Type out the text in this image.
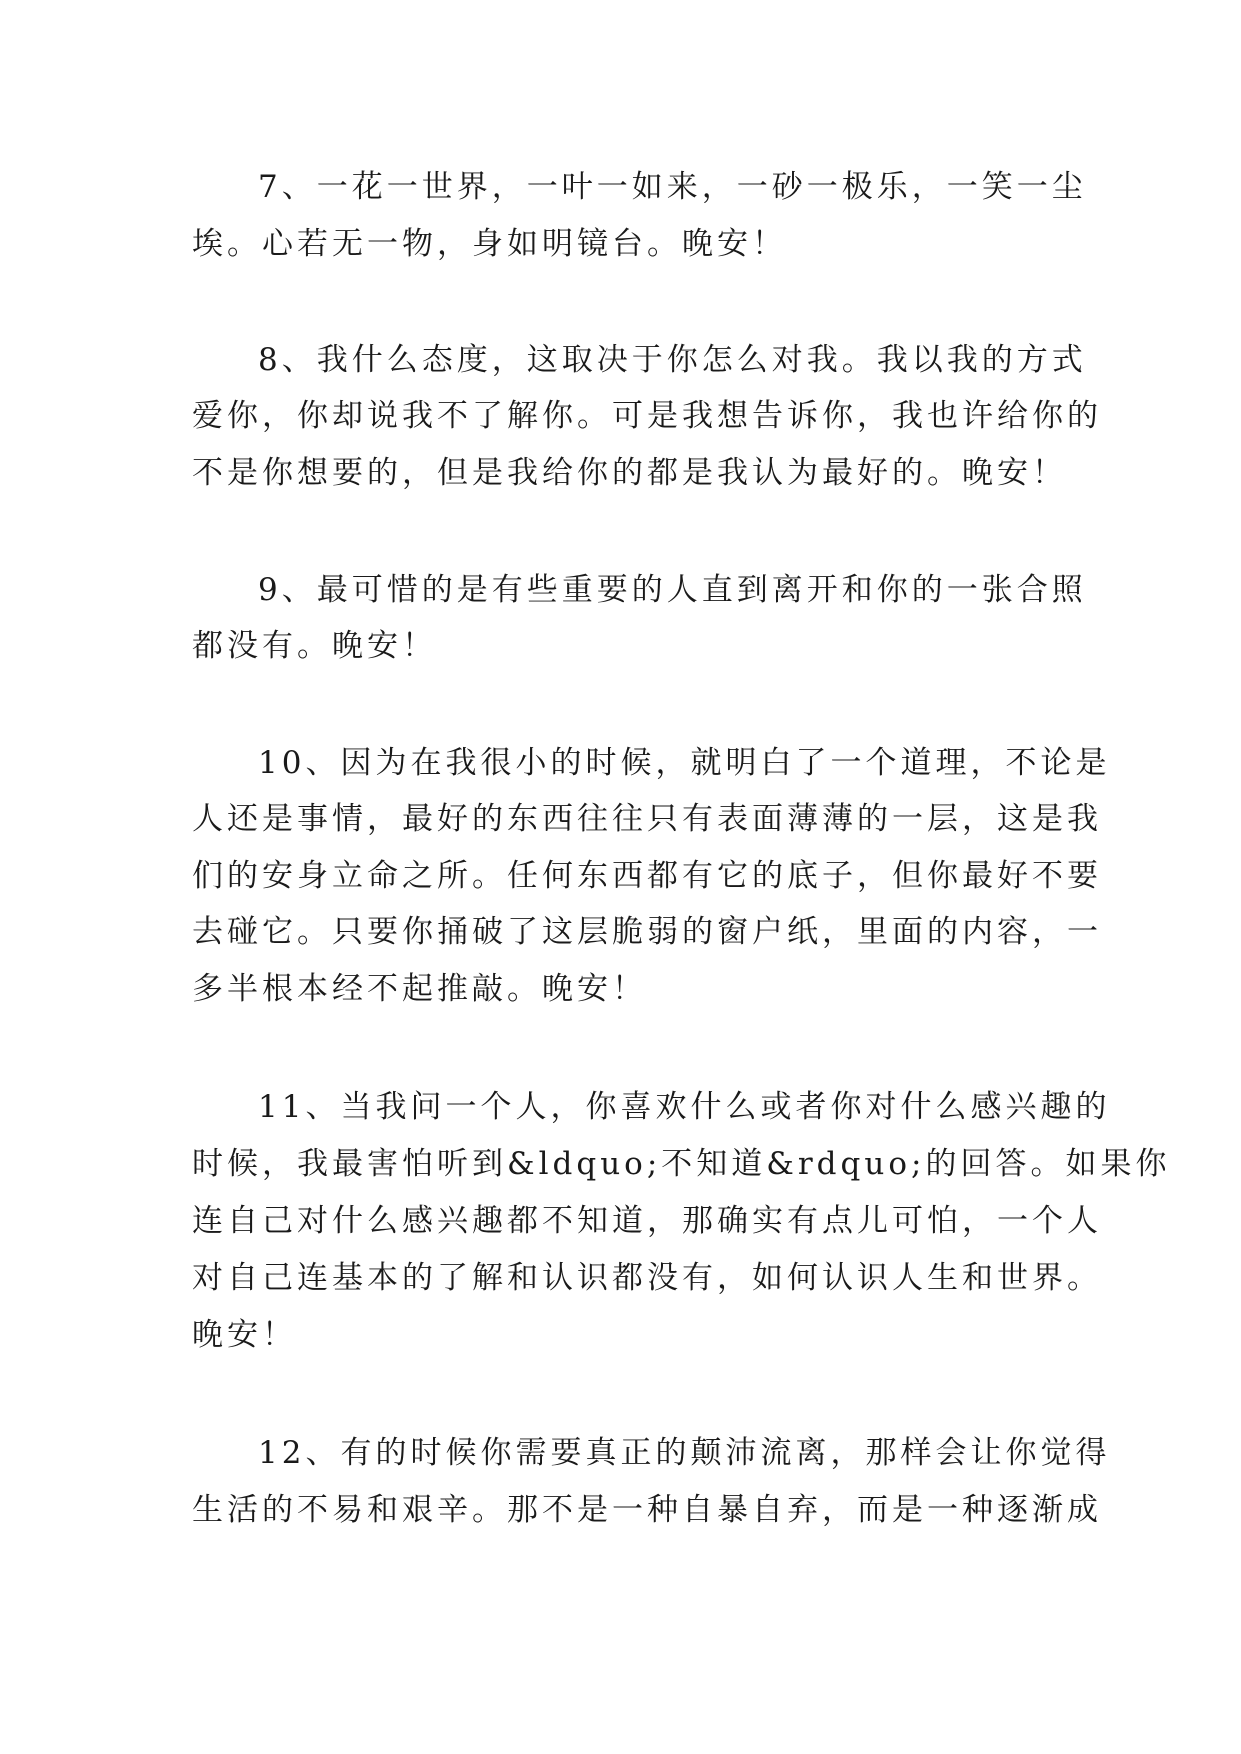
7、一花一世界，一叶一如来，一砂一极乐，一笑一尘
埃。心若无一物，身如明镜台。晚安！
8、我什么态度，这取决于你怎么对我。我以我的方式
爱你，你却说我不了解你。可是我想告诉你，我也许给你的
不是你想要的，但是我给你的都是我认为最好的。晚安！
9、最可惜的是有些重要的人直到离开和你的一张合照
都没有。晚安！
10、因为在我很小的时候，就明白了一个道理，不论是
人还是事情，最好的东西往往只有表面薄薄的一层，这是我
们的安身立命之所。任何东西都有它的底子，但你最好不要
去碰它。只要你捅破了这层脆弱的窗户纸，里面的内容，一
多半根本经不起推敲。晚安！
11、当我问一个人，你喜欢什么或者你对什么感兴趣的
时候，我最害怕听到&ldquo;不知道&rdquo;的回答。如果你
连自己对什么感兴趣都不知道，那确实有点儿可怕，一个人
对自己连基本的了解和认识都没有，如何认识人生和世界。
晚安！
12、有的时候你需要真正的颠沛流离，那样会让你觉得
生活的不易和艰辛。那不是一种自暴自弃，而是一种逐渐成
